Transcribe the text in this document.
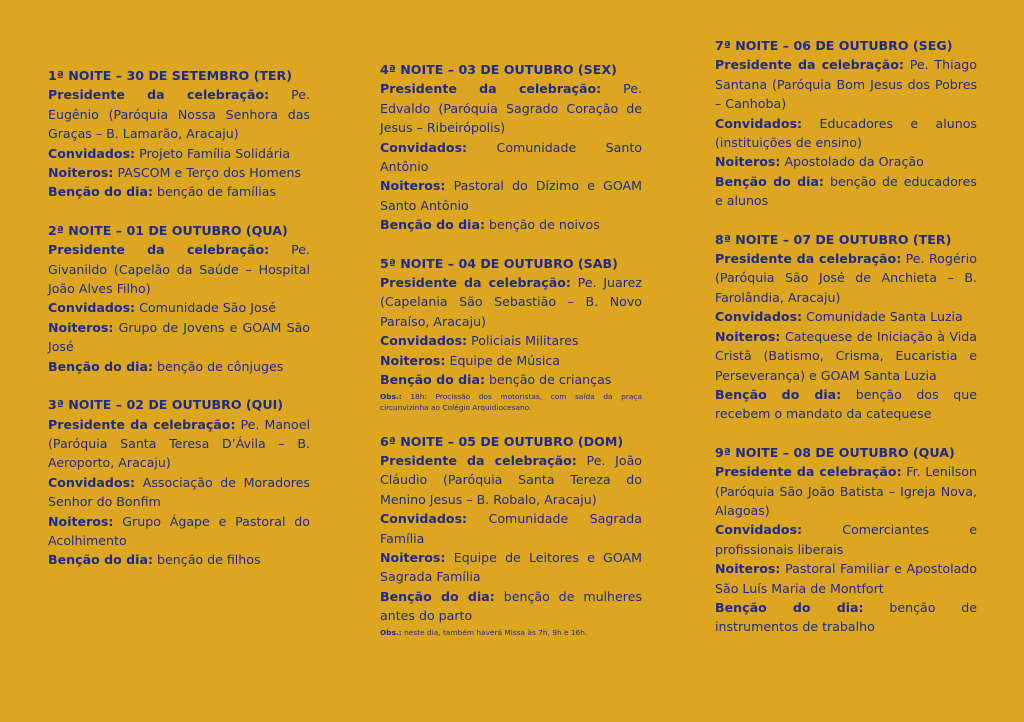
1ª NOITE – 30 DE SETEMBRO (TER)

Presidente da celebração: Pe. Eugênio (Paróquia Nossa Senhora das Graças – B. Lamarão, Aracaju)

Convidados: Projeto Família Solidária

Noiteros: PASCOM e Terço dos Homens

Benção do dia: benção de famílias

2ª NOITE – 01 DE OUTUBRO (QUA)

Presidente da celebração: Pe. Givanildo (Capelão da Saúde – Hospital João Alves Filho)

Convidados: Comunidade São José

Noiteros: Grupo de Jovens e GOAM São José

Benção do dia: benção de cônjuges

3ª NOITE – 02 DE OUTUBRO (QUI)

Presidente da celebração: Pe. Manoel (Paróquia Santa Teresa D’Ávila – B. Aeroporto, Aracaju)

Convidados: Associação de Moradores Senhor do Bonfim

Noiteros: Grupo Ágape e Pastoral do Acolhimento

Benção do dia: benção de filhos

4ª NOITE – 03 DE OUTUBRO (SEX)

Presidente da celebração: Pe. Edvaldo (Paróquia Sagrado Coração de Jesus – Ribeirópolis)

Convidados: Comunidade Santo Antônio

Noiteros: Pastoral do Dízimo e GOAM Santo Antônio

Benção do dia: benção de noivos

5ª NOITE – 04 DE OUTUBRO (SAB)

Presidente da celebração: Pe. Juarez (Capelania São Sebastião – B. Novo Paraíso, Aracaju)

Convidados: Policiais Militares

Noiteros: Equipe de Música

Benção do dia: benção de crianças

Obs.: 18h: Procissão dos motoristas, com saída da praça circunvizinha ao Colégio Arquidiocesano.

6ª NOITE – 05 DE OUTUBRO (DOM)

Presidente da celebração: Pe. João Cláudio (Paróquia Santa Tereza do Menino Jesus – B. Robalo, Aracaju)

Convidados: Comunidade Sagrada Família

Noiteros: Equipe de Leitores e GOAM Sagrada Família

Benção do dia: benção de mulheres antes do parto

Obs.: neste dia, também haverá Missa às 7h, 9h e 16h.

7ª NOITE – 06 DE OUTUBRO (SEG)

Presidente da celebração: Pe. Thiago Santana (Paróquia Bom Jesus dos Pobres – Canhoba)

Convidados: Educadores e alunos (instituições de ensino)

Noiteros: Apostolado da Oração

Benção do dia: benção de educadores e alunos

8ª NOITE – 07 DE OUTUBRO (TER)

Presidente da celebração: Pe. Rogério (Paróquia São José de Anchieta – B. Farolândia, Aracaju)

Convidados: Comunidade Santa Luzia

Noiteros: Catequese de Iniciação à Vida Cristã (Batismo, Crisma, Eucaristia e Perseverança) e GOAM Santa Luzia

Benção do dia: benção dos que recebem o mandato da catequese

9ª NOITE – 08 DE OUTUBRO (QUA)

Presidente da celebração: Fr. Lenilson (Paróquia São João Batista – Igreja Nova, Alagoas)

Convidados:	Comerciantes e profissionais liberais

Noiteros: Pastoral Familiar e Apostolado São Luís Maria de Montfort

Benção do dia: benção de instrumentos de trabalho
